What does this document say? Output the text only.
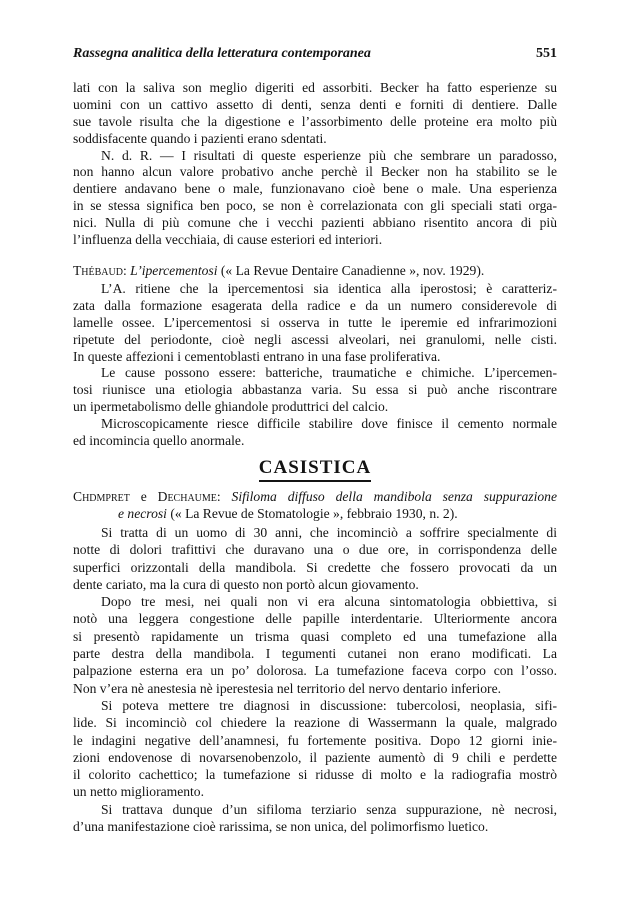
Rassegna analitica della letteratura contemporanea	551
lati con la saliva son meglio digeriti ed assorbiti. Becker ha fatto esperienze su
uomini con un cattivo assetto di denti, senza denti e forniti di dentiere. Dalle
sue tavole risulta che la digestione e l’assorbimento delle proteine era molto più
soddisfacente quando i pazienti erano sdentati.
N. d. R. — I risultati di queste esperienze più che sembrare un paradosso,
non hanno alcun valore probativo anche perchè il Becker non ha stabilito se le
dentiere andavano bene o male, funzionavano cioè bene o male. Una esperienza
in se stessa significa ben poco, se non è correlazionata con gli speciali stati orga-
nici. Nulla di più comune che i vecchi pazienti abbiano risentito ancora di più
l’influenza della vecchiaia, di cause esteriori ed interiori.
Thébaud: L’ipercementosi (« La Revue Dentaire Canadienne », nov. 1929).
L’A. ritiene che la ipercementosi sia identica alla iperostosi; è caratteriz-
zata dalla formazione esagerata della radice e da un numero considerevole di
lamelle ossee. L’ipercementosi si osserva in tutte le iperemie ed infrarimozioni
ripetute del periodonte, cioè negli ascessi alveolari, nei granulomi, nelle cisti.
In queste affezioni i cementoblasti entrano in una fase proliferativa.
Le cause possono essere: batteriche, traumatiche e chimiche. L’ipercemen-
tosi riunisce una etiologia abbastanza varia. Su essa si può anche riscontrare
un ipermetabolismo delle ghiandole produttrici del calcio.
Microscopicamente riesce difficile stabilire dove finisce il cemento normale
ed incomincia quello anormale.
CASISTICA
Chdmpret e Dechaume: Sifiloma diffuso della mandibola senza suppurazione
e necrosi (« La Revue de Stomatologie », febbraio 1930, n. 2).
Si tratta di un uomo di 30 anni, che incominciò a soffrire specialmente di
notte di dolori trafittivi che duravano una o due ore, in corrispondenza delle
superfici orizzontali della mandibola. Si credette che fossero provocati da un
dente cariato, ma la cura di questo non portò alcun giovamento.
Dopo tre mesi, nei quali non vi era alcuna sintomatologia obbiettiva, si
notò una leggera congestione delle papille interdentarie. Ulteriormente ancora
si presentò rapidamente un trisma quasi completo ed una tumefazione alla
parte destra della mandibola. I tegumenti cutanei non erano modificati. La
palpazione esterna era un po’ dolorosa. La tumefazione faceva corpo con l’osso.
Non v’era nè anestesia nè iperestesia nel territorio del nervo dentario inferiore.
Si poteva mettere tre diagnosi in discussione: tubercolosi, neoplasia, sifi-
lide. Si incominciò col chiedere la reazione di Wassermann la quale, malgrado
le indagini negative dell’anamnesi, fu fortemente positiva. Dopo 12 giorni inie-
zioni endovenose di novarsenobenzolo, il paziente aumentò di 9 chili e perdette
il colorito cachettico; la tumefazione si ridusse di molto e la radiografia mostrò
un netto miglioramento.
Si trattava dunque d’un sifiloma terziario senza suppurazione, nè necrosi,
d’una manifestazione cioè rarissima, se non unica, del polimorfismo luetico.
